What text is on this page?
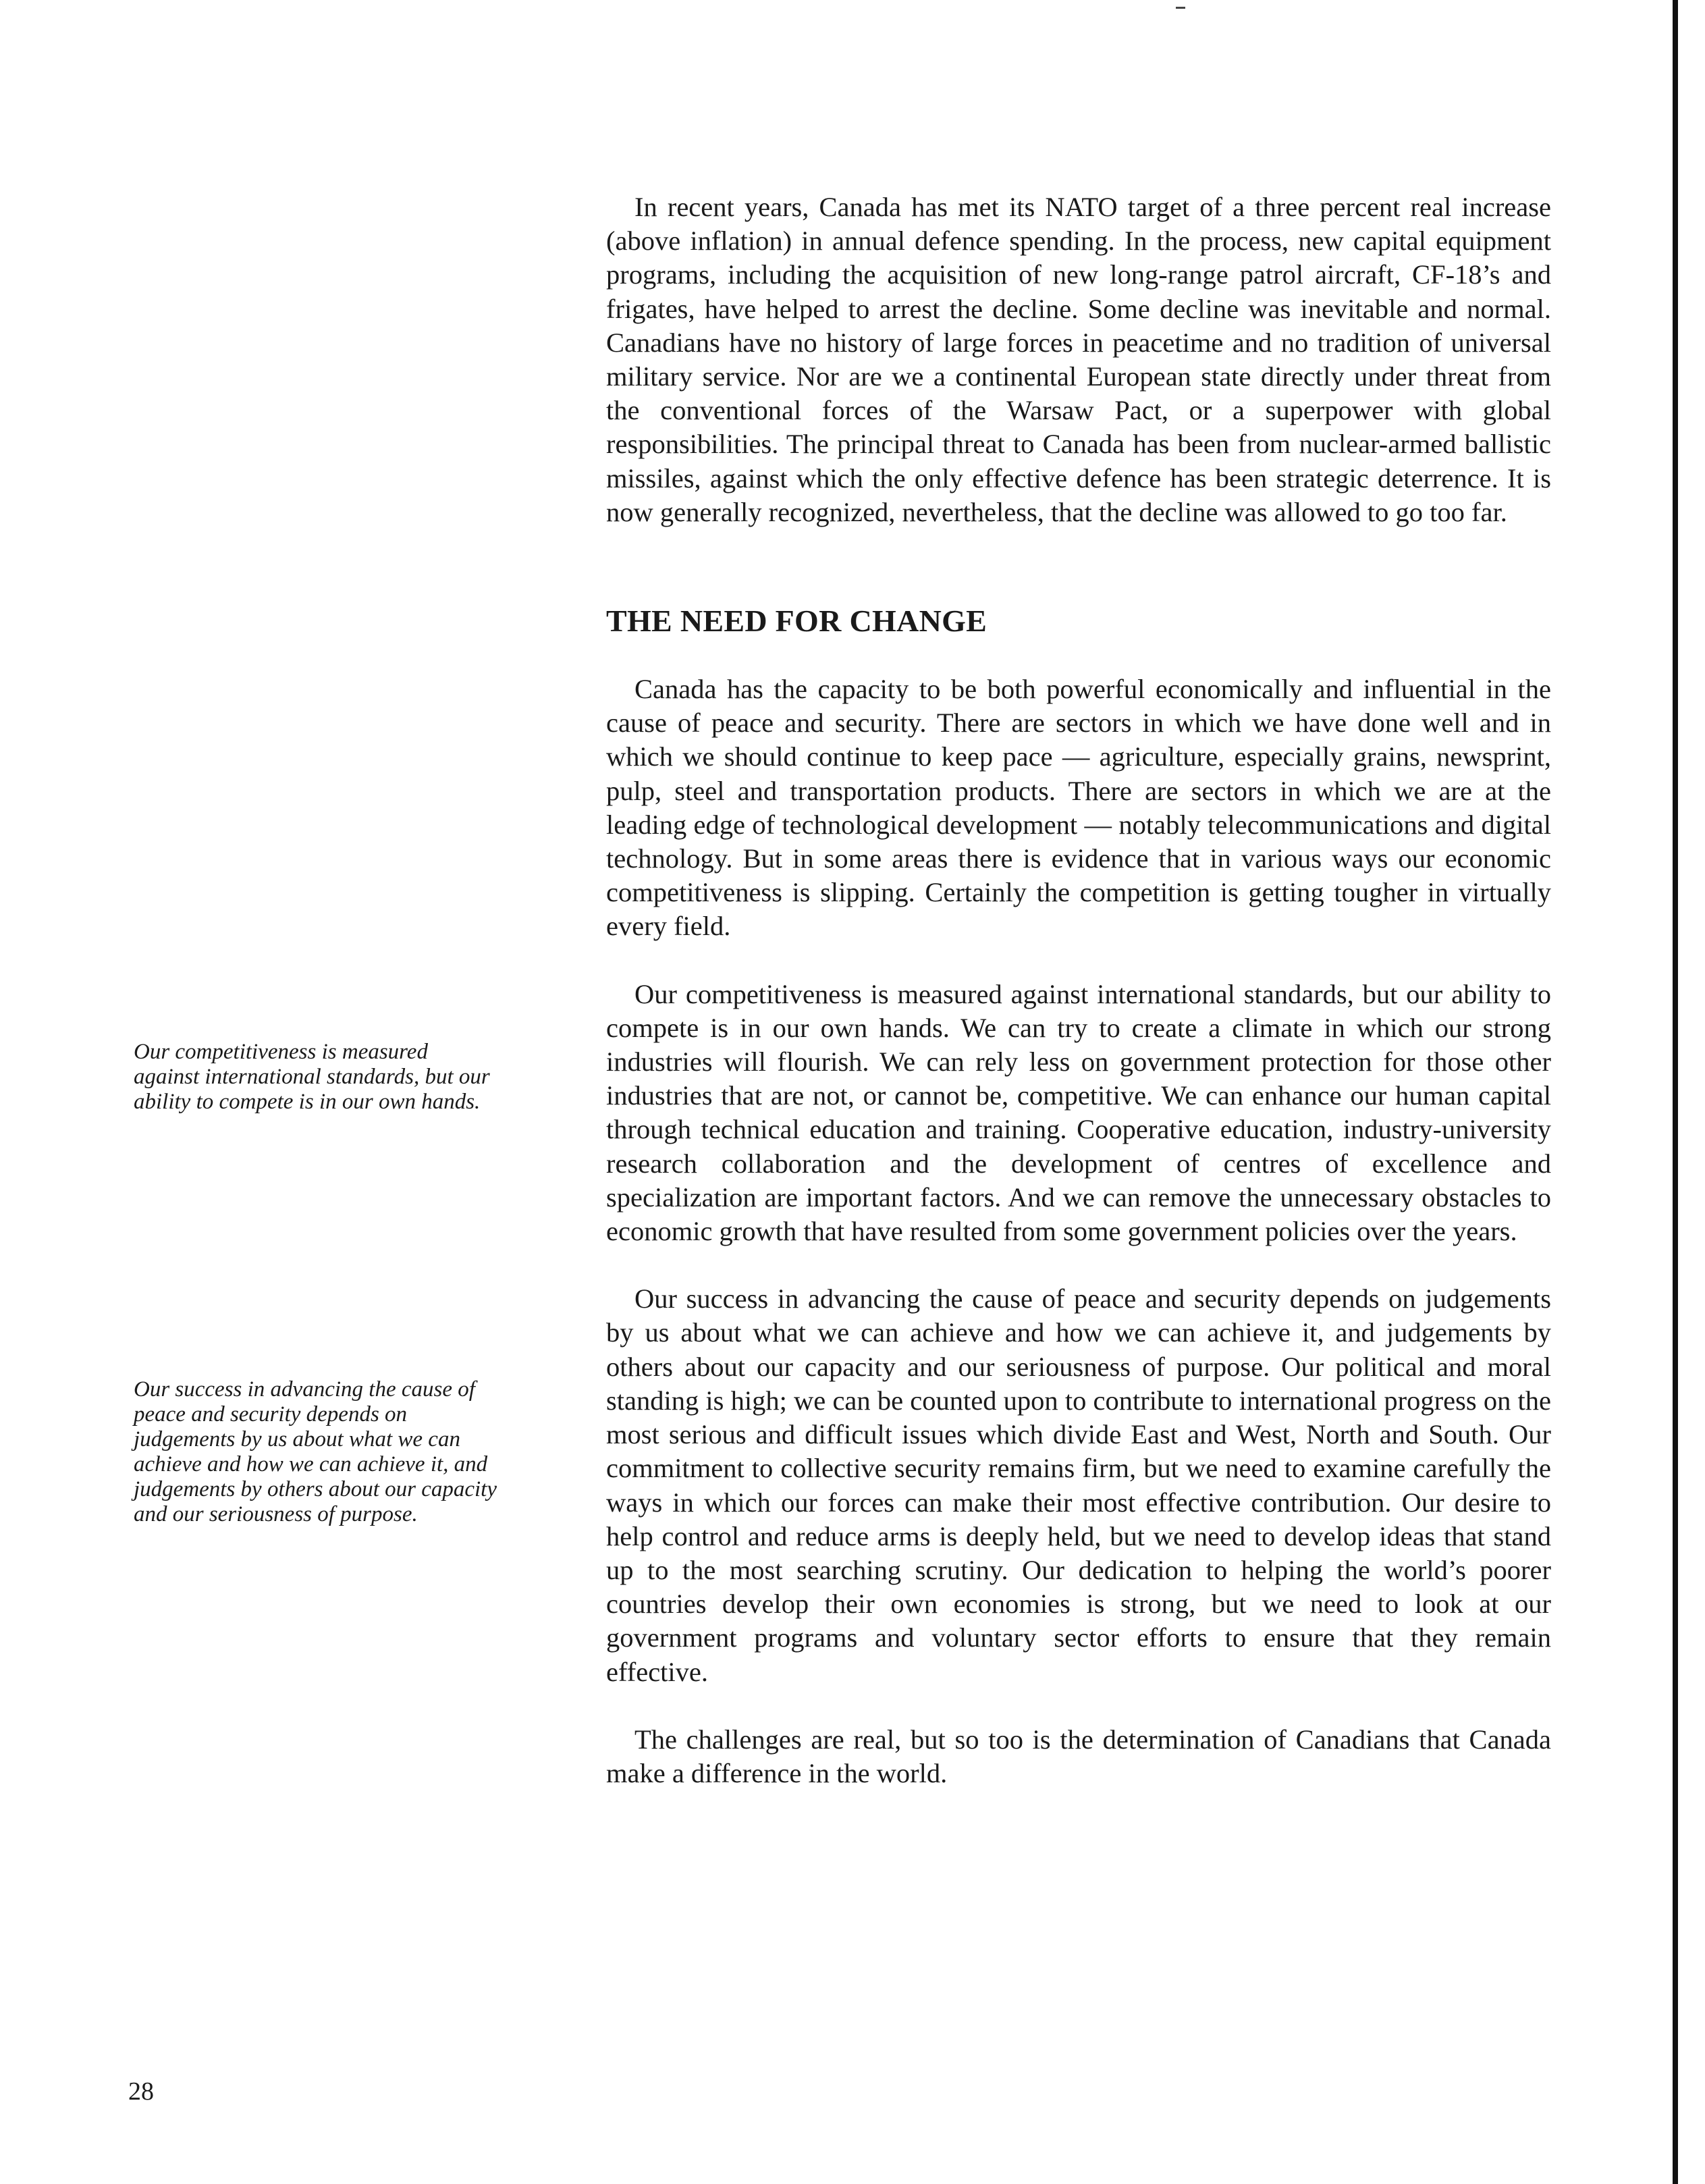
In recent years, Canada has met its NATO target of a three percent real increase (above inflation) in annual defence spending. In the process, new capital equipment programs, including the acquisition of new long-range patrol aircraft, CF-18’s and frigates, have helped to arrest the decline. Some decline was inevitable and normal. Canadians have no history of large forces in peacetime and no tradition of universal military service. Nor are we a continental European state directly under threat from the conventional forces of the Warsaw Pact, or a superpower with global responsibilities. The principal threat to Canada has been from nuclear-armed ballistic missiles, against which the only effective defence has been strategic deterrence. It is now generally recognized, nevertheless, that the decline was allowed to go too far.

THE NEED FOR CHANGE

Canada has the capacity to be both powerful economically and influential in the cause of peace and security. There are sectors in which we have done well and in which we should continue to keep pace — agriculture, especially grains, newsprint, pulp, steel and transportation products. There are sectors in which we are at the leading edge of technological development — notably telecommunications and digital technology. But in some areas there is evidence that in various ways our economic competitiveness is slipping. Certainly the competition is getting tougher in virtually every field.

Our competitiveness is measured against international standards, but our ability to compete is in our own hands. We can try to create a climate in which our strong industries will flourish. We can rely less on government protection for those other industries that are not, or cannot be, competitive. We can enhance our human capital through technical education and training. Cooperative education, industry-university research collaboration and the development of centres of excellence and specialization are important factors. And we can remove the unnecessary obstacles to economic growth that have resulted from some government policies over the years.

Our success in advancing the cause of peace and security depends on judgements by us about what we can achieve and how we can achieve it, and judgements by others about our capacity and our seriousness of purpose. Our political and moral standing is high; we can be counted upon to contribute to international progress on the most serious and difficult issues which divide East and West, North and South. Our commitment to collective security remains firm, but we need to examine carefully the ways in which our forces can make their most effective contribution. Our desire to help control and reduce arms is deeply held, but we need to develop ideas that stand up to the most searching scrutiny. Our dedication to helping the world’s poorer countries develop their own economies is strong, but we need to look at our government programs and voluntary sector efforts to ensure that they remain effective.

The challenges are real, but so too is the determination of Canadians that Canada make a difference in the world.

Our competitiveness is measured against international standards, but our ability to compete is in our own hands.

Our success in advancing the cause of peace and security depends on judgements by us about what we can achieve and how we can achieve it, and judgements by others about our capacity and our seriousness of purpose.

28
